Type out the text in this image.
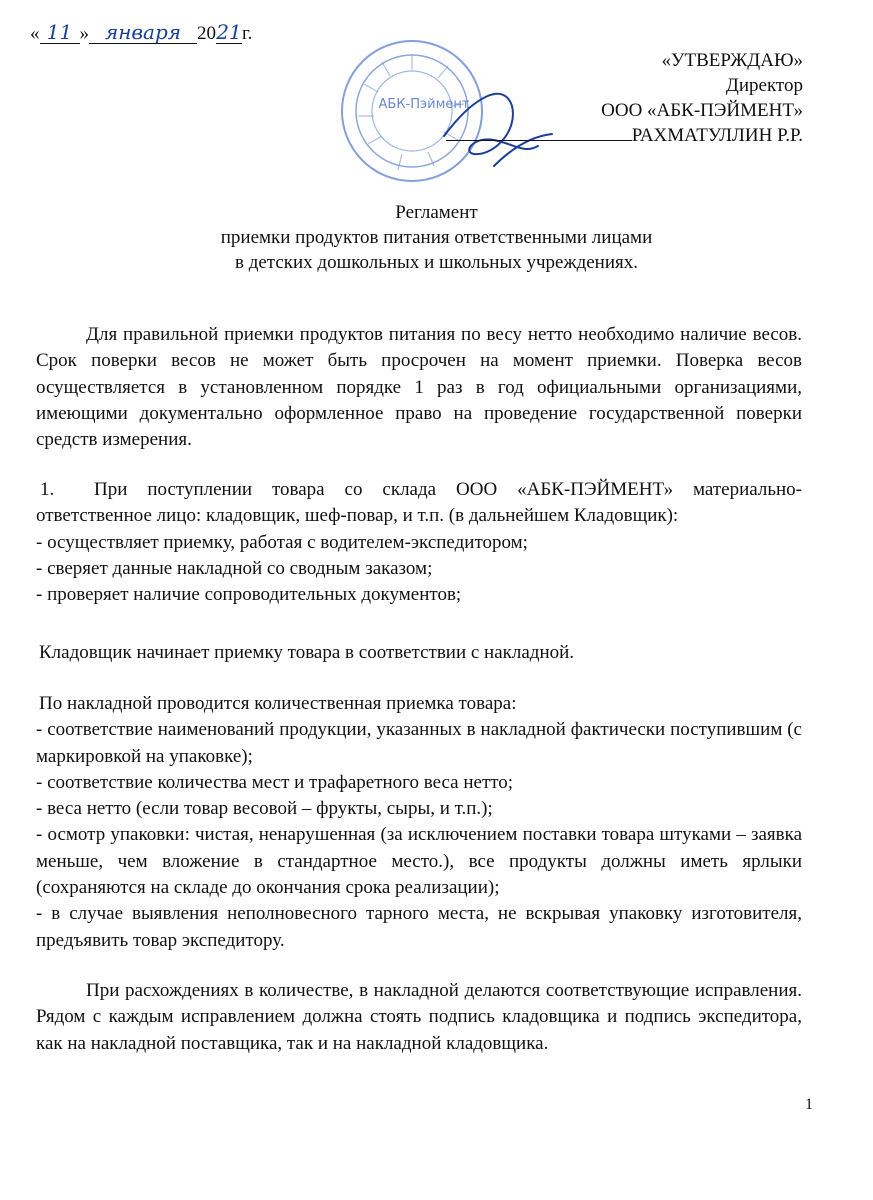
« 11 » января 2021г.
АБК-Пэймент
«УТВЕРЖДАЮ»
Директор
ООО «АБК-ПЭЙМЕНТ»
РАХМАТУЛЛИН Р.Р.
Регламент
приемки продуктов питания ответственными лицами
в детских дошкольных и школьных учреждениях.

Для правильной приемки продуктов питания по весу нетто необходимо наличие весов. Срок поверки весов не может быть просрочен на момент приемки. Поверка весов осуществляется в установленном порядке 1 раз в год официальными организациями, имеющими документально оформленное право на проведение государственной поверки средств измерения.

1. При поступлении товара со склада ООО «АБК-ПЭЙМЕНТ» материально-ответственное лицо: кладовщик, шеф-повар, и т.п. (в дальнейшем Кладовщик):

- осуществляет приемку, работая с водителем-экспедитором;

- сверяет данные накладной со сводным заказом;

- проверяет наличие сопроводительных документов;

Кладовщик начинает приемку товара в соответствии с накладной.

По накладной проводится количественная приемка товара:

- соответствие наименований продукции, указанных в накладной фактически поступившим (с маркировкой на упаковке);

- соответствие количества мест и трафаретного веса нетто;

- веса нетто (если товар весовой – фрукты, сыры, и т.п.);

- осмотр упаковки: чистая, ненарушенная (за исключением поставки товара штуками – заявка меньше, чем вложение в стандартное место.), все продукты должны иметь ярлыки (сохраняются на складе до окончания срока реализации);

- в случае выявления неполновесного тарного места, не вскрывая упаковку изготовителя, предъявить товар экспедитору.

При расхождениях в количестве, в накладной делаются соответствующие исправления. Рядом с каждым исправлением должна стоять подпись кладовщика и подпись экспедитора, как на накладной поставщика, так и на накладной кладовщика.

1
